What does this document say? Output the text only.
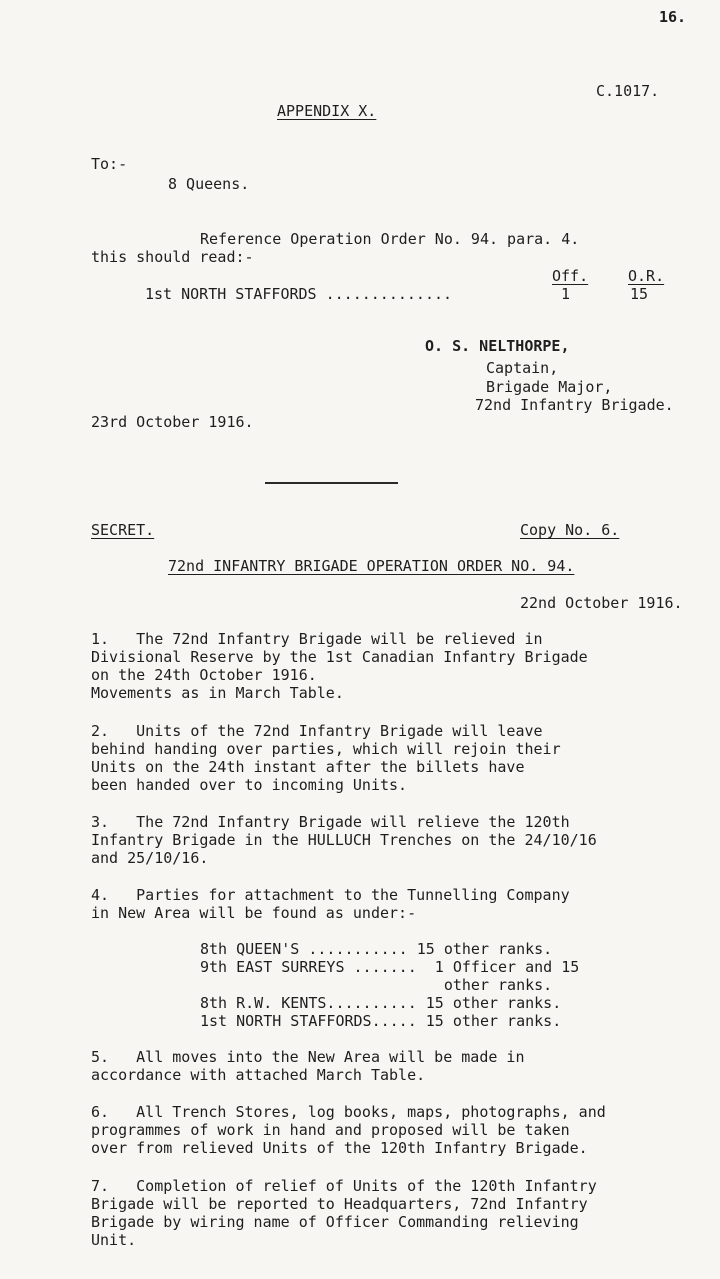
16.
C.1017.
APPENDIX X.
To:-
8 Queens.
Reference Operation Order No. 94. para. 4.
this should read:-
Off.	O.R.
1st NORTH STAFFORDS ..............	1	15
O. S. NELTHORPE,
Captain,
Brigade Major,
72nd Infantry Brigade.
23rd October 1916.
SECRET.	Copy No. 6.
72nd INFANTRY BRIGADE OPERATION ORDER NO. 94.
22nd October 1916.
1.   The 72nd Infantry Brigade will be relieved in
Divisional Reserve by the 1st Canadian Infantry Brigade
on the 24th October 1916.
Movements as in March Table.
2.   Units of the 72nd Infantry Brigade will leave
behind handing over parties, which will rejoin their
Units on the 24th instant after the billets have
been handed over to incoming Units.
3.   The 72nd Infantry Brigade will relieve the 120th
Infantry Brigade in the HULLUCH Trenches on the 24/10/16
and 25/10/16.
4.   Parties for attachment to the Tunnelling Company
in New Area will be found as under:-
8th QUEEN'S ........... 15 other ranks.
9th EAST SURREYS .......  1 Officer and 15
other ranks.
8th R.W. KENTS.......... 15 other ranks.
1st NORTH STAFFORDS..... 15 other ranks.
5.   All moves into the New Area will be made in
accordance with attached March Table.
6.   All Trench Stores, log books, maps, photographs, and
programmes of work in hand and proposed will be taken
over from relieved Units of the 120th Infantry Brigade.
7.   Completion of relief of Units of the 120th Infantry
Brigade will be reported to Headquarters, 72nd Infantry
Brigade by wiring name of Officer Commanding relieving
Unit.
